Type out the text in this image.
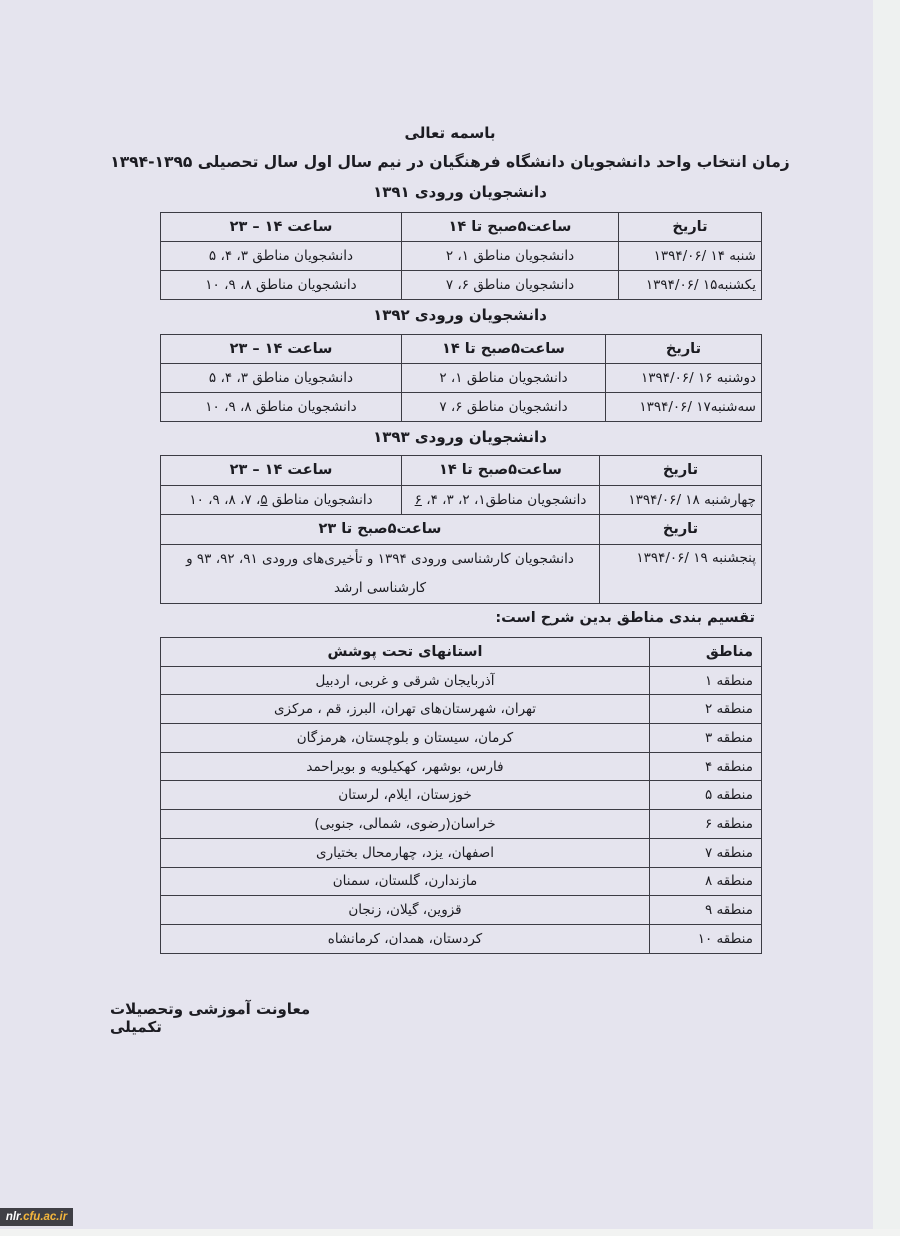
باسمه تعالی
زمان انتخاب واحد دانشجویان دانشگاه فرهنگیان در نیم سال اول سال تحصیلی ۱۳۹۵-۱۳۹۴
دانشجویان ورودی ۱۳۹۱
تاریخ	ساعت۵صبح تا ۱۴	ساعت ۱۴ – ۲۳
شنبه ۱۴ /۱۳۹۴/۰۶	دانشجویان مناطق ۱، ۲	دانشجویان مناطق ۳، ۴، ۵
یکشنبه۱۵ /۱۳۹۴/۰۶	دانشجویان مناطق ۶، ۷	دانشجویان مناطق ۸، ۹، ۱۰
دانشجویان ورودی ۱۳۹۲
تاریخ	ساعت۵صبح تا ۱۴	ساعت ۱۴ – ۲۳
دوشنبه ۱۶ /۱۳۹۴/۰۶	دانشجویان مناطق ۱، ۲	دانشجویان مناطق ۳، ۴، ۵
سه‌شنبه۱۷ /۱۳۹۴/۰۶	دانشجویان مناطق ۶، ۷	دانشجویان مناطق ۸، ۹، ۱۰
دانشجویان ورودی ۱۳۹۳
تاریخ	ساعت۵صبح تا ۱۴	ساعت ۱۴ – ۲۳
چهارشنبه ۱۸ /۱۳۹۴/۰۶	دانشجویان مناطق۱، ۲، ۳، ۴، ۶	دانشجویان مناطق ۵، ۷، ۸، ۹، ۱۰
تاریخ	ساعت۵صبح تا ۲۳	
پنجشنبه ۱۹ /۱۳۹۴/۰۶	دانشجویان کارشناسی ورودی ۱۳۹۴ و تأخیری‌های ورودی ۹۱، ۹۲، ۹۳ و کارشناسی ارشد	
تقسیم بندی مناطق بدین شرح است:
مناطق	استانهای تحت پوشش
منطقه ۱	آذربایجان شرقی و غربی، اردبیل
منطقه ۲	تهران، شهرستان‌های تهران، البرز، قم ، مرکزی
منطقه ۳	کرمان، سیستان و بلوچستان، هرمزگان
منطقه ۴	فارس، بوشهر، کهکیلویه و بویراحمد
منطقه ۵	خوزستان، ایلام، لرستان
منطقه ۶	خراسان(رضوی، شمالی، جنوبی)
منطقه ۷	اصفهان، یزد، چهارمحال بختیاری
منطقه ۸	مازندارن، گلستان، سمنان
منطقه ۹	قزوین، گیلان، زنجان
منطقه ۱۰	کردستان، همدان، کرمانشاه
معاونت آموزشی وتحصیلات تکمیلی
nlr.cfu.ac.ir
